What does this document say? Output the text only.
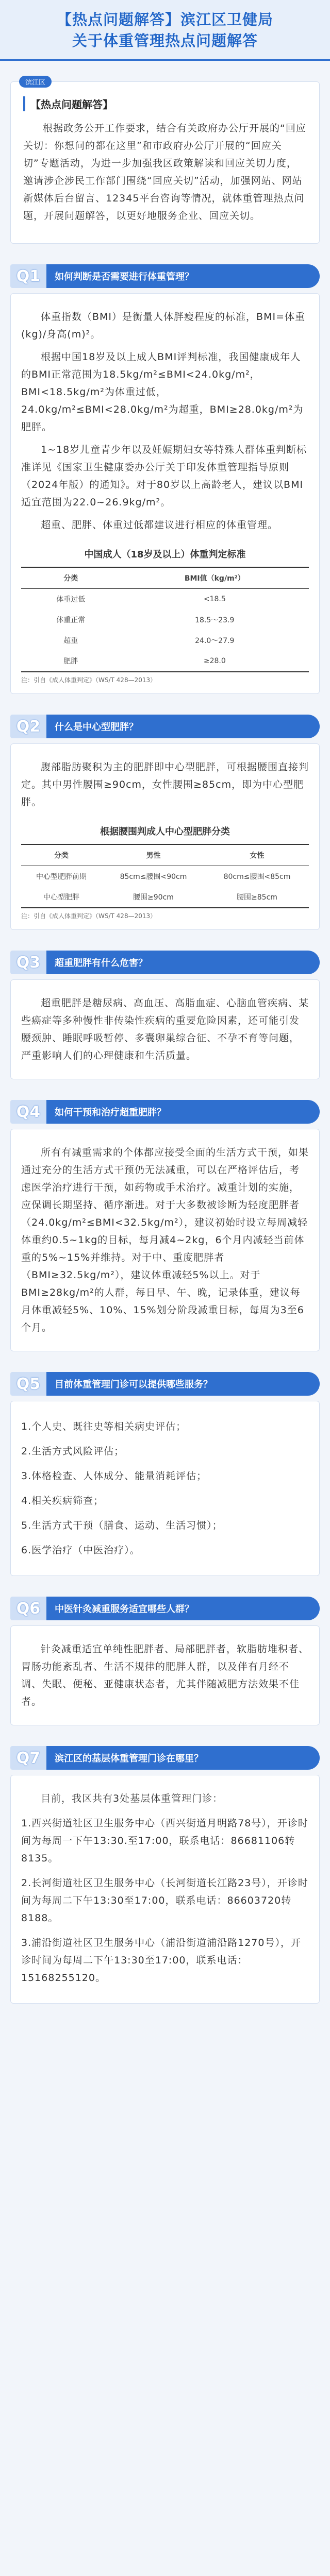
【热点问题解答】滨江区卫健局
关于体重管理热点问题解答
滨江区
【热点问题解答】

根据政务公开工作要求，结合有关政府办公厅开展的“回应关切：你想问的都在这里”和市政府办公厅开展的“回应关切”专题活动，为进一步加强我区政策解读和回应关切力度，邀请涉企涉民工作部门围绕“回应关切”活动，加强网站、网站新媒体后台留言、12345平台咨询等情况，就体重管理热点问题，开展问题解答，以更好地服务企业、回应关切。

Q1	如何判断是否需要进行体重管理？

体重指数（BMI）是衡量人体胖瘦程度的标准，BMI=体重(kg)/身高(m)²。

根据中国18岁及以上成人BMI评判标准，我国健康成年人的BMI正常范围为18.5kg/m²≤BMI<24.0kg/m²，BMI<18.5kg/m²为体重过低，24.0kg/m²≤BMI<28.0kg/m²为超重，BMI≥28.0kg/m²为肥胖。

1~18岁儿童青少年以及妊娠期妇女等特殊人群体重判断标准详见《国家卫生健康委办公厅关于印发体重管理指导原则（2024年版）的通知》。对于80岁以上高龄老人，建议以BMI适宜范围为22.0~26.9kg/m²。

超重、肥胖、体重过低都建议进行相应的体重管理。

中国成人（18岁及以上）体重判定标准
分类	BMI值（kg/m²）
体重过低	<18.5
体重正常	18.5～23.9
超重	24.0～27.9
肥胖	≥28.0
注：引自《成人体重判定》（WS/T 428—2013）
Q2	什么是中心型肥胖？

腹部脂肪聚积为主的肥胖即中心型肥胖，可根据腰围直接判定。其中男性腰围≥90cm，女性腰围≥85cm，即为中心型肥胖。

根据腰围判成人中心型肥胖分类
分类	男性	女性
中心型肥胖前期	85cm≤腰围<90cm	80cm≤腰围<85cm
中心型肥胖	腰围≥90cm	腰围≥85cm
注：引自《成人体重判定》（WS/T 428—2013）
Q3	超重肥胖有什么危害？

超重肥胖是糖尿病、高血压、高脂血症、心脑血管疾病、某些癌症等多种慢性非传染性疾病的重要危险因素，还可能引发腰颈肿、睡眠呼吸暂停、多囊卵巢综合征、不孕不育等问题，严重影响人们的心理健康和生活质量。

Q4	如何干预和治疗超重肥胖？

所有有减重需求的个体都应接受全面的生活方式干预，如果通过充分的生活方式干预仍无法减重，可以在严格评估后，考虑医学治疗进行干预，如药物或手术治疗。减重计划的实施，应保调长期坚持、循序渐进。对于大多数被诊断为轻度肥胖者（24.0kg/m²≤BMI<32.5kg/m²），建议初始时设立每周减轻体重约0.5~1kg的目标，每月减4~2kg，6个月内减轻当前体重的5%~15%并维持。对于中、重度肥胖者（BMI≥32.5kg/m²），建议体重减轻5%以上。对于BMI≥28kg/m²的人群，每日早、午、晚，记录体重，建议每月体重减轻5%、10%、15%划分阶段减重目标，每周为3至6个月。

Q5	目前体重管理门诊可以提供哪些服务？
1.个人史、既往史等相关病史评估；
2.生活方式风险评估；
3.体格检查、人体成分、能量消耗评估；
4.相关疾病筛查；
5.生活方式干预（膳食、运动、生活习惯）；
6.医学治疗（中医治疗）。
Q6	中医针灸减重服务适宜哪些人群？

针灸减重适宜单纯性肥胖者、局部肥胖者，软脂肪堆积者、胃肠功能紊乱者、生活不规律的肥胖人群，以及伴有月经不调、失眠、便秘、亚健康状态者，尤其伴随减肥方法效果不佳者。

Q7	滨江区的基层体重管理门诊在哪里？

目前，我区共有3处基层体重管理门诊：

1.西兴街道社区卫生服务中心（西兴街道月明路78号），开诊时间为每周一下午13:30.至17:00，联系电话：86681106转8135。
2.长河街道社区卫生服务中心（长河街道长江路23号），开诊时间为每周二下午13:30至17:00，联系电话：86603720转8188。
3.浦沿街道社区卫生服务中心（浦沿街道浦沿路1270号），开诊时间为每周二下午13:30至17:00，联系电话：15168255120。
